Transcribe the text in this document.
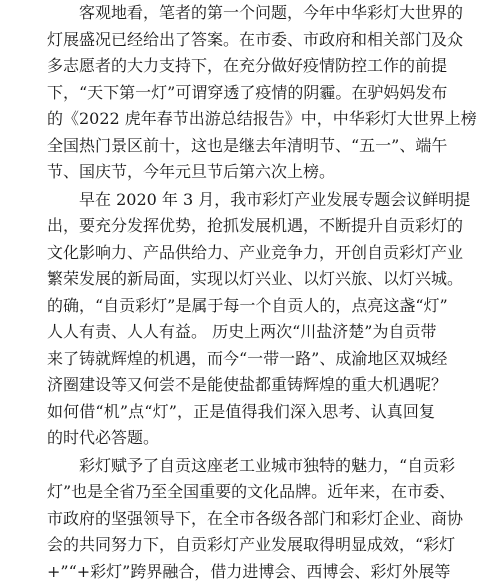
客观地看，笔者的第一个问题，今年中华彩灯大世界的
灯展盛况已经给出了答案。在市委、市政府和相关部门及众
多志愿者的大力支持下，在充分做好疫情防控工作的前提
下，“天下第一灯”可谓穿透了疫情的阴霾。在驴妈妈发布
的《2022 虎年春节出游总结报告》中，中华彩灯大世界上榜
全国热门景区前十，这也是继去年清明节、“五一”、端午
节、国庆节，今年元旦节后第六次上榜。
早在 2020 年 3 月，我市彩灯产业发展专题会议鲜明提
出，要充分发挥优势，抢抓发展机遇，不断提升自贡彩灯的
文化影响力、产品供给力、产业竞争力，开创自贡彩灯产业
繁荣发展的新局面，实现以灯兴业、以灯兴旅、以灯兴城。
的确，“自贡彩灯”是属于每一个自贡人的，点亮这盏“灯”
人人有责、人人有益。 历史上两次“川盐济楚”为自贡带
来了铸就辉煌的机遇，而今“一带一路”、成渝地区双城经
济圈建设等又何尝不是能使盐都重铸辉煌的重大机遇呢？
如何借“机”点“灯”，正是值得我们深入思考、认真回复
的时代必答题。
彩灯赋予了自贡这座老工业城市独特的魅力，“自贡彩
灯”也是全省乃至全国重要的文化品牌。近年来，在市委、
市政府的坚强领导下，在全市各级各部门和彩灯企业、商协
会的共同努力下，自贡彩灯产业发展取得明显成效，“彩灯
+”“+彩灯”跨界融合，借力进博会、西博会、彩灯外展等
